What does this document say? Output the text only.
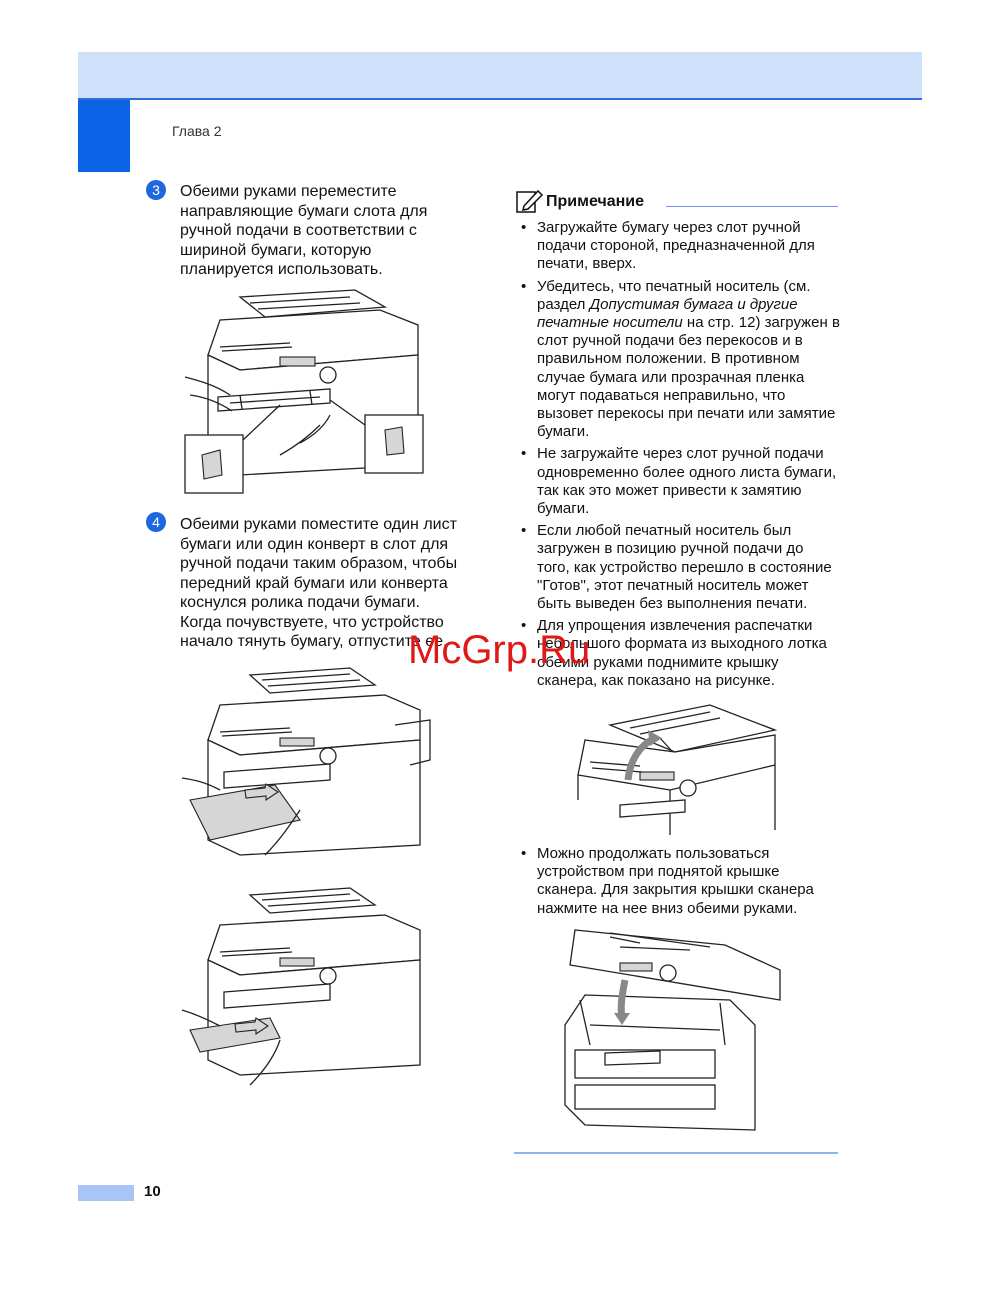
Глава 2
3	Обеими руками переместите
направляющие бумаги слота для
ручной подачи в соответствии с
шириной бумаги, которую
планируется использовать.
4	Обеими руками поместите один лист
бумаги или один конверт в слот для
ручной подачи таким образом, чтобы
передний край бумаги или конверта
коснулся ролика подачи бумаги.
Когда почувствуете, что устройство
начало тянуть бумагу, отпустите ее.
Примечание
• Загружайте бумагу через слот ручной подачи стороной, предназначенной для печати, вверх.
• Убедитесь, что печатный носитель (см. раздел Допустимая бумага и другие печатные носители на стр. 12) загружен в слот ручной подачи без перекосов и в правильном положении. В противном случае бумага или прозрачная пленка могут подаваться неправильно, что вызовет перекосы при печати или замятие бумаги.
• Не загружайте через слот ручной подачи одновременно более одного листа бумаги, так как это может привести к замятию бумаги.
• Если любой печатный носитель был загружен в позицию ручной подачи до того, как устройство перешло в состояние "Готов", этот печатный носитель может быть выведен без выполнения печати.
• Для упрощения извлечения распечатки небольшого формата из выходного лотка обеими руками поднимите крышку сканера, как показано на рисунке.
• Можно продолжать пользоваться устройством при поднятой крышке сканера. Для закрытия крышки сканера нажмите на нее вниз обеими руками.
McGrp.Ru
10
